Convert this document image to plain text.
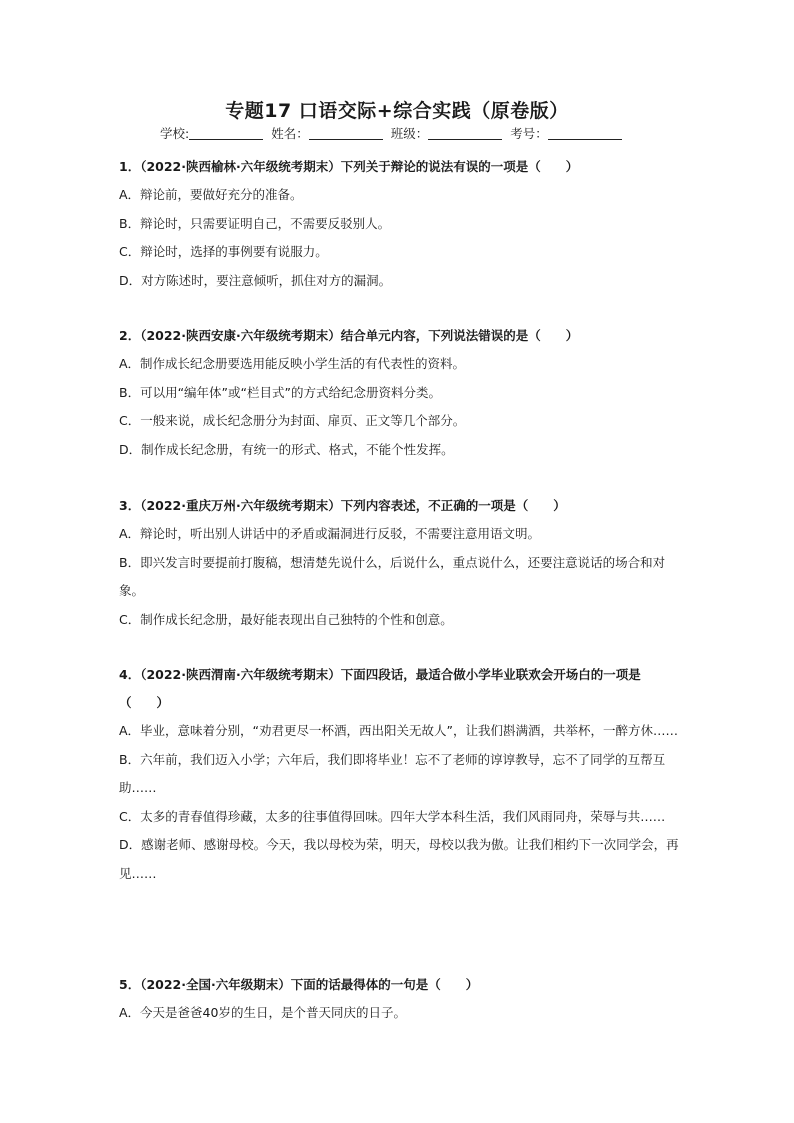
专题17 口语交际+综合实践（原卷版）
学校:	姓名：	班级：	考号：
1．（2022·陕西榆林·六年级统考期末）下列关于辩论的说法有误的一项是（　　）
A．辩论前，要做好充分的准备。
B．辩论时，只需要证明自己，不需要反驳别人。
C．辩论时，选择的事例要有说服力。
D．对方陈述时，要注意倾听，抓住对方的漏洞。
2．（2022·陕西安康·六年级统考期末）结合单元内容，下列说法错误的是（　　）
A．制作成长纪念册要选用能反映小学生活的有代表性的资料。
B．可以用“编年体”或“栏目式”的方式给纪念册资料分类。
C．一般来说，成长纪念册分为封面、扉页、正文等几个部分。
D．制作成长纪念册，有统一的形式、格式，不能个性发挥。
3．（2022·重庆万州·六年级统考期末）下列内容表述，不正确的一项是（　　）
A．辩论时，听出别人讲话中的矛盾或漏洞进行反驳，不需要注意用语文明。
B．即兴发言时要提前打腹稿，想清楚先说什么，后说什么，重点说什么，还要注意说话的场合和对象。
C．制作成长纪念册，最好能表现出自己独特的个性和创意。
4．（2022·陕西渭南·六年级统考期末）下面四段话，最适合做小学毕业联欢会开场白的一项是（　　）
A．毕业，意味着分别，“劝君更尽一杯酒，西出阳关无故人”，让我们斟满酒，共举杯，一醉方休……
B．六年前，我们迈入小学；六年后，我们即将毕业！忘不了老师的谆谆教导，忘不了同学的互帮互助……
C．太多的青春值得珍藏，太多的往事值得回味。四年大学本科生活，我们风雨同舟，荣辱与共……
D．感谢老师、感谢母校。今天，我以母校为荣，明天，母校以我为傲。让我们相约下一次同学会，再见……
5．（2022·全国·六年级期末）下面的话最得体的一句是（　　）
A．今天是爸爸40岁的生日，是个普天同庆的日子。
